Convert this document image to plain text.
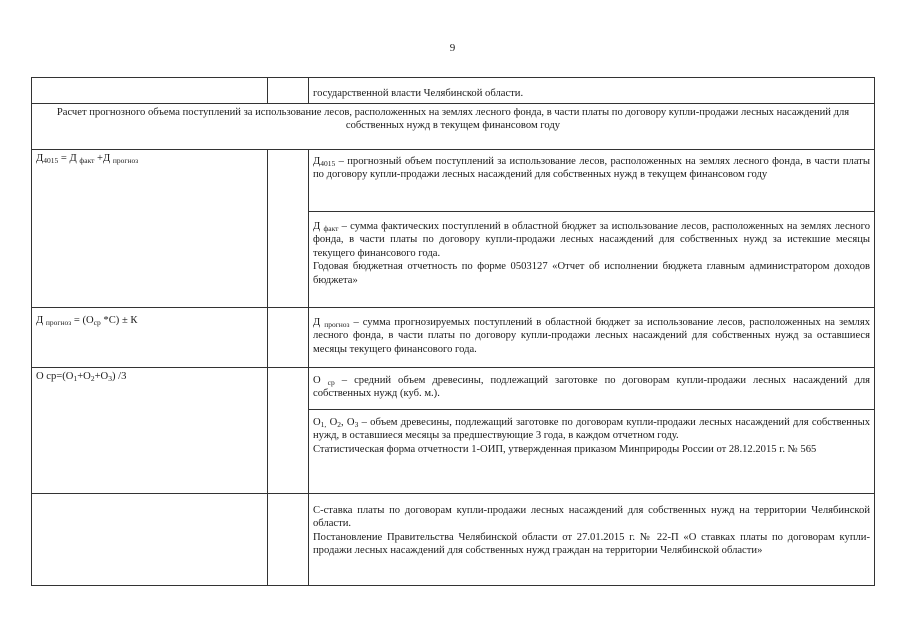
9
		государственной власти Челябинской области.
Расчет прогнозного объема поступлений за использование лесов, расположенных на землях лесного фонда, в части платы по договору купли-продажи лесных насаждений для собственных нужд в текущем финансовом году		
Д4015 = Д факт +Д прогноз		Д4015 – прогнозный объем поступлений за использование лесов, расположенных на землях лесного фонда, в части платы по договору купли-продажи лесных насаждений для собственных нужд в текущем финансовом году
		Д факт – сумма фактических поступлений в областной бюджет за использование лесов, расположенных на землях лесного фонда, в части платы по договору купли-продажи лесных насаждений для собственных нужд за истекшие месяцы текущего финансового года.
Годовая бюджетная отчетность по форме 0503127 «Отчет об исполнении бюджета главным администратором доходов бюджета»
Д прогноз = (Оср *С) ± К		Д прогноз – сумма прогнозируемых поступлений в областной бюджет за использование лесов, расположенных на землях лесного фонда, в части платы по договору купли-продажи лесных насаждений для собственных нужд за оставшиеся месяцы текущего финансового года.
О ср=(О1+О2+О3) /3		О ср – средний объем древесины, подлежащий заготовке по договорам купли-продажи лесных насаждений для собственных нужд (куб. м.).
		О1, О2, О3 – объем древесины, подлежащий заготовке по договорам купли-продажи лесных насаждений для собственных нужд, в оставшиеся месяцы за предшествующие 3 года, в каждом отчетном году.
Статистическая форма отчетности 1-ОИП, утвержденная приказом Минприроды России от 28.12.2015 г. № 565
		С-ставка платы по договорам купли-продажи лесных насаждений для собственных нужд на территории Челябинской области.
Постановление Правительства Челябинской области от 27.01.2015 г. № 22-П «О ставках платы по договорам купли-продажи лесных насаждений для собственных нужд граждан на территории Челябинской области»
